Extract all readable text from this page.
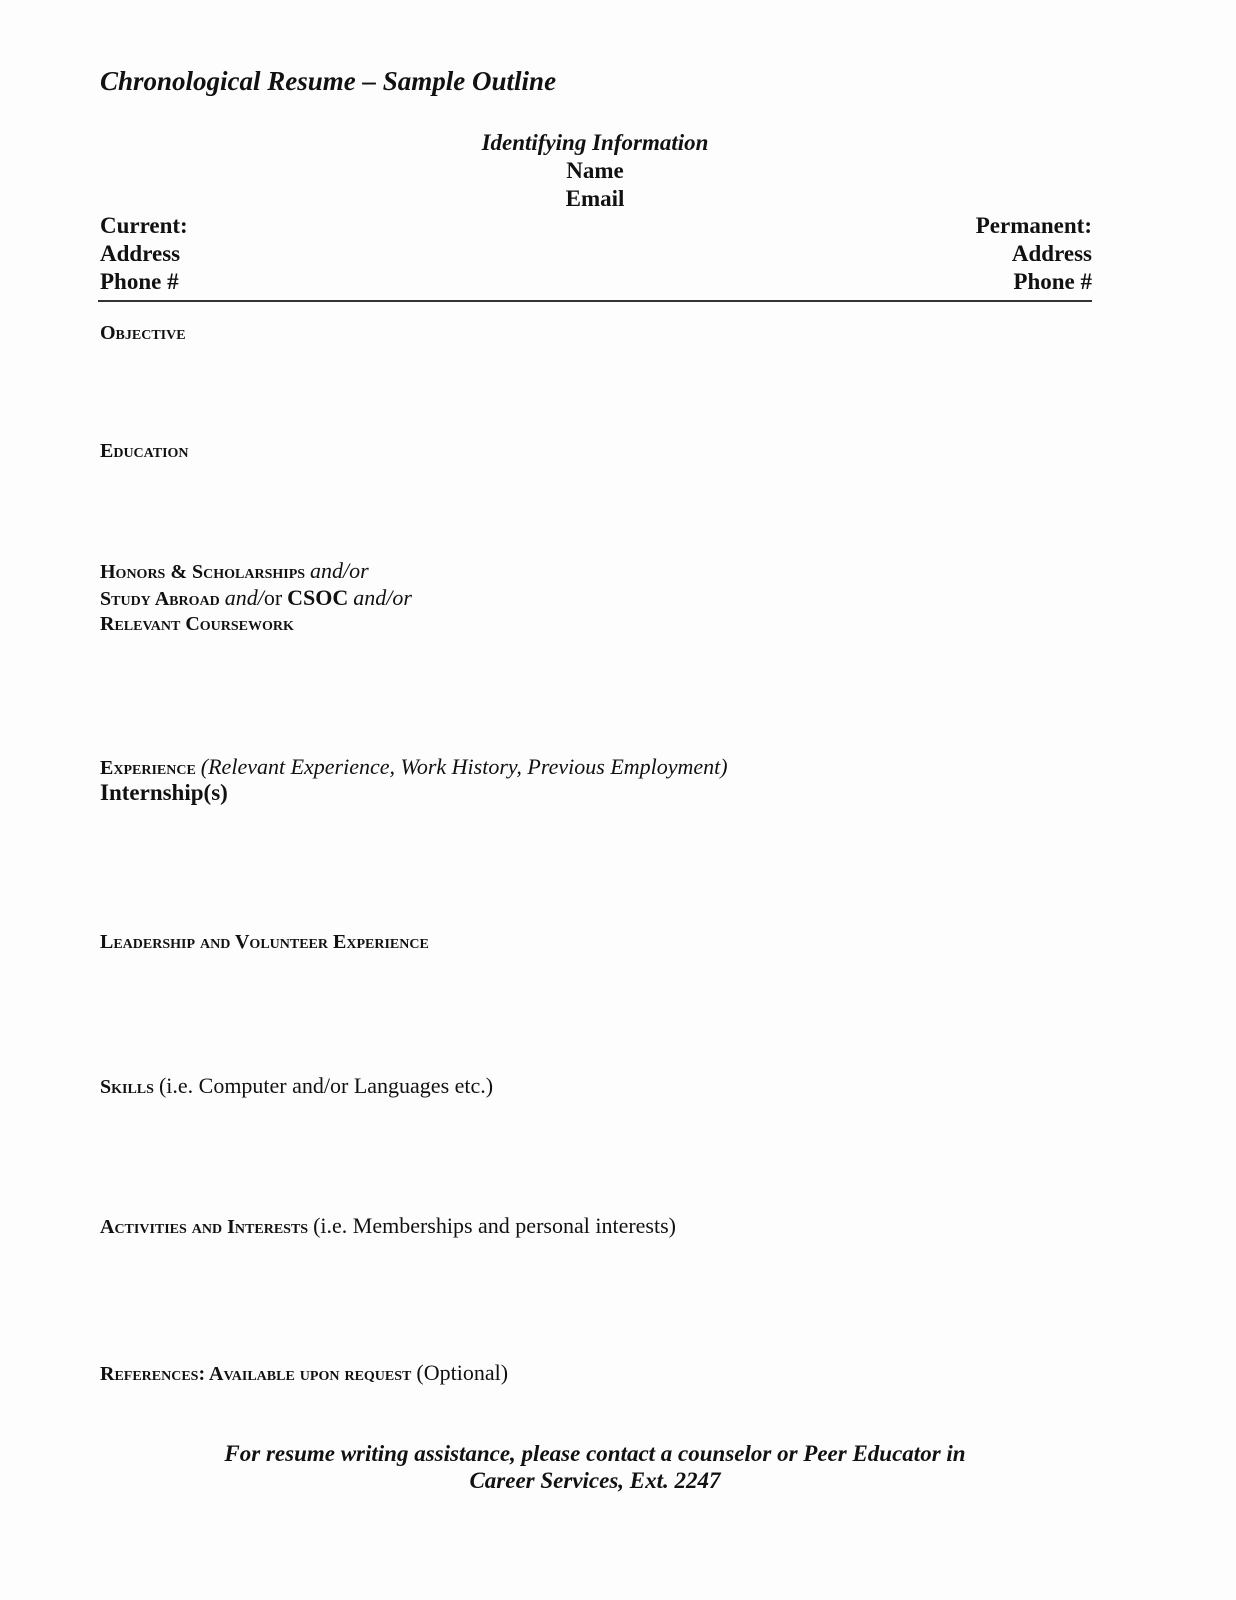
Chronological Resume – Sample Outline
Identifying Information
Name
Email
Current:
Address
Phone #
Permanent:
Address
Phone #
Objective
Education
Honors & Scholarships and/or
Study Abroad and/or CSOC and/or
Relevant Coursework
Experience (Relevant Experience, Work History, Previous Employment)
Internship(s)
Leadership and Volunteer Experience
Skills (i.e. Computer and/or Languages etc.)
Activities and Interests (i.e. Memberships and personal interests)
References: Available upon request (Optional)
For resume writing assistance, please contact a counselor or Peer Educator in
Career Services, Ext. 2247
